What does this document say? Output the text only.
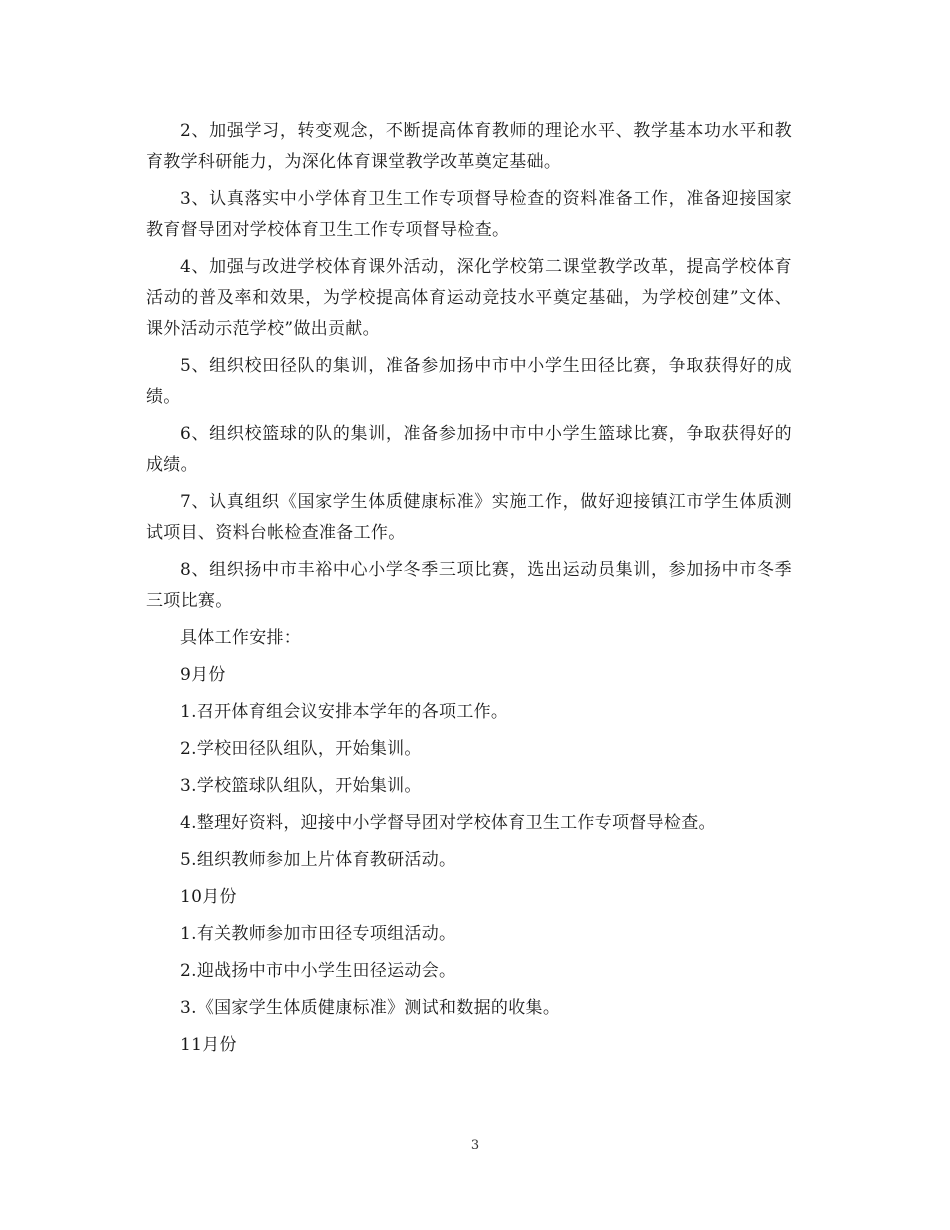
2、加强学习，转变观念，不断提高体育教师的理论水平、教学基本功水平和教育教学科研能力，为深化体育课堂教学改革奠定基础。

3、认真落实中小学体育卫生工作专项督导检查的资料准备工作，准备迎接国家教育督导团对学校体育卫生工作专项督导检查。

4、加强与改进学校体育课外活动，深化学校第二课堂教学改革，提高学校体育活动的普及率和效果，为学校提高体育运动竞技水平奠定基础，为学校创建”文体、课外活动示范学校”做出贡献。

5、组织校田径队的集训，准备参加扬中市中小学生田径比赛，争取获得好的成绩。

6、组织校篮球的队的集训，准备参加扬中市中小学生篮球比赛，争取获得好的成绩。

7、认真组织《国家学生体质健康标准》实施工作，做好迎接镇江市学生体质测试项目、资料台帐检查准备工作。

8、组织扬中市丰裕中心小学冬季三项比赛，选出运动员集训，参加扬中市冬季三项比赛。

具体工作安排：

9月份

1.召开体育组会议安排本学年的各项工作。

2.学校田径队组队，开始集训。

3.学校篮球队组队，开始集训。

4.整理好资料，迎接中小学督导团对学校体育卫生工作专项督导检查。

5.组织教师参加上片体育教研活动。

10月份

1.有关教师参加市田径专项组活动。

2.迎战扬中市中小学生田径运动会。

3.《国家学生体质健康标准》测试和数据的收集。

11月份

3
